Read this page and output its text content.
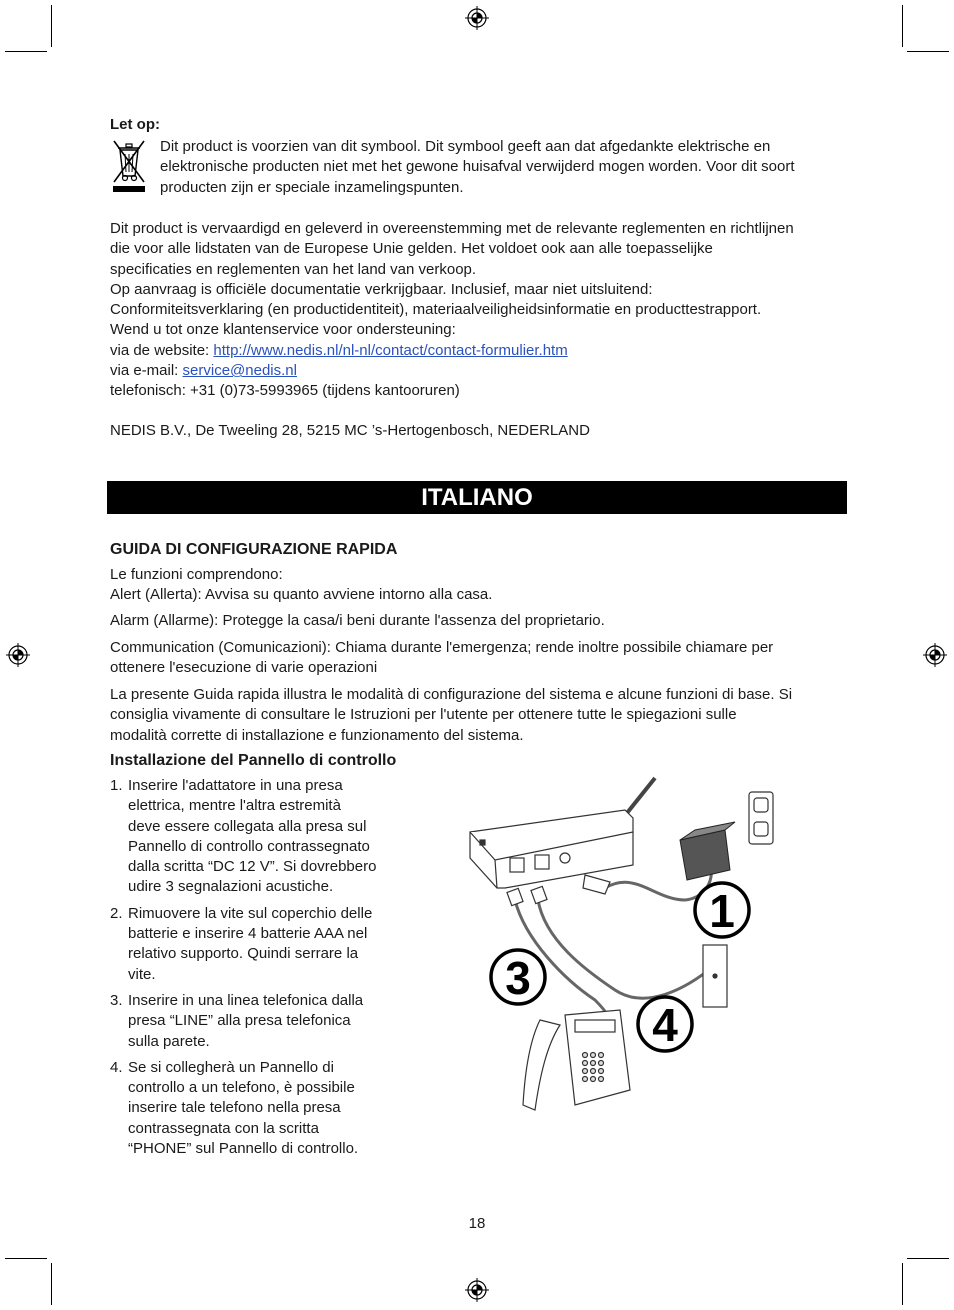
Let op:
Dit product is voorzien van dit symbool. Dit symbool geeft aan dat afgedankte elektrische en
elektronische producten niet met het gewone huisafval verwijderd mogen worden. Voor dit soort
producten zijn er speciale inzamelingspunten.
Dit product is vervaardigd en geleverd in overeenstemming met de relevante reglementen en richtlijnen
die voor alle lidstaten van de Europese Unie gelden. Het voldoet ook aan alle toepasselijke
specificaties en reglementen van het land van verkoop.
Op aanvraag is officiële documentatie verkrijgbaar. Inclusief, maar niet uitsluitend:
Conformiteitsverklaring (en productidentiteit), materiaalveiligheidsinformatie en producttestrapport.
Wend u tot onze klantenservice voor ondersteuning:
via de website: http://www.nedis.nl/nl-nl/contact/contact-formulier.htm
via e-mail: service@nedis.nl
telefonisch: +31 (0)73-5993965 (tijdens kantooruren)
NEDIS B.V., De Tweeling 28, 5215 MC ’s-Hertogenbosch, NEDERLAND
ITALIANO
GUIDA DI CONFIGURAZIONE RAPIDA
Le funzioni comprendono:
Alert (Allerta): Avvisa su quanto avviene intorno alla casa.
Alarm (Allarme): Protegge la casa/i beni durante l'assenza del proprietario.
Communication (Comunicazioni): Chiama durante l'emergenza; rende inoltre possibile chiamare per
ottenere l'esecuzione di varie operazioni
La presente Guida rapida illustra le modalità di configurazione del sistema e alcune funzioni di base. Si
consiglia vivamente di consultare le Istruzioni per l'utente per ottenere tutte le spiegazioni sulle
modalità corrette di installazione e funzionamento del sistema.
Installazione del Pannello di controllo
1. Inserire l'adattatore in una presa
elettrica, mentre l'altra estremità
deve essere collegata alla presa sul
Pannello di controllo contrassegnato
dalla scritta “DC 12 V”. Si dovrebbero
udire 3 segnalazioni acustiche.
2. Rimuovere la vite sul coperchio delle
batterie e inserire 4 batterie AAA nel
relativo supporto. Quindi serrare la
vite.
3. Inserire in una linea telefonica dalla
presa “LINE” alla presa telefonica
sulla parete.
4. Se si collegherà un Pannello di
controllo a un telefono, è possibile
inserire tale telefono nella presa
contrassegnata con la scritta
“PHONE” sul Pannello di controllo.
1
3
4
18
